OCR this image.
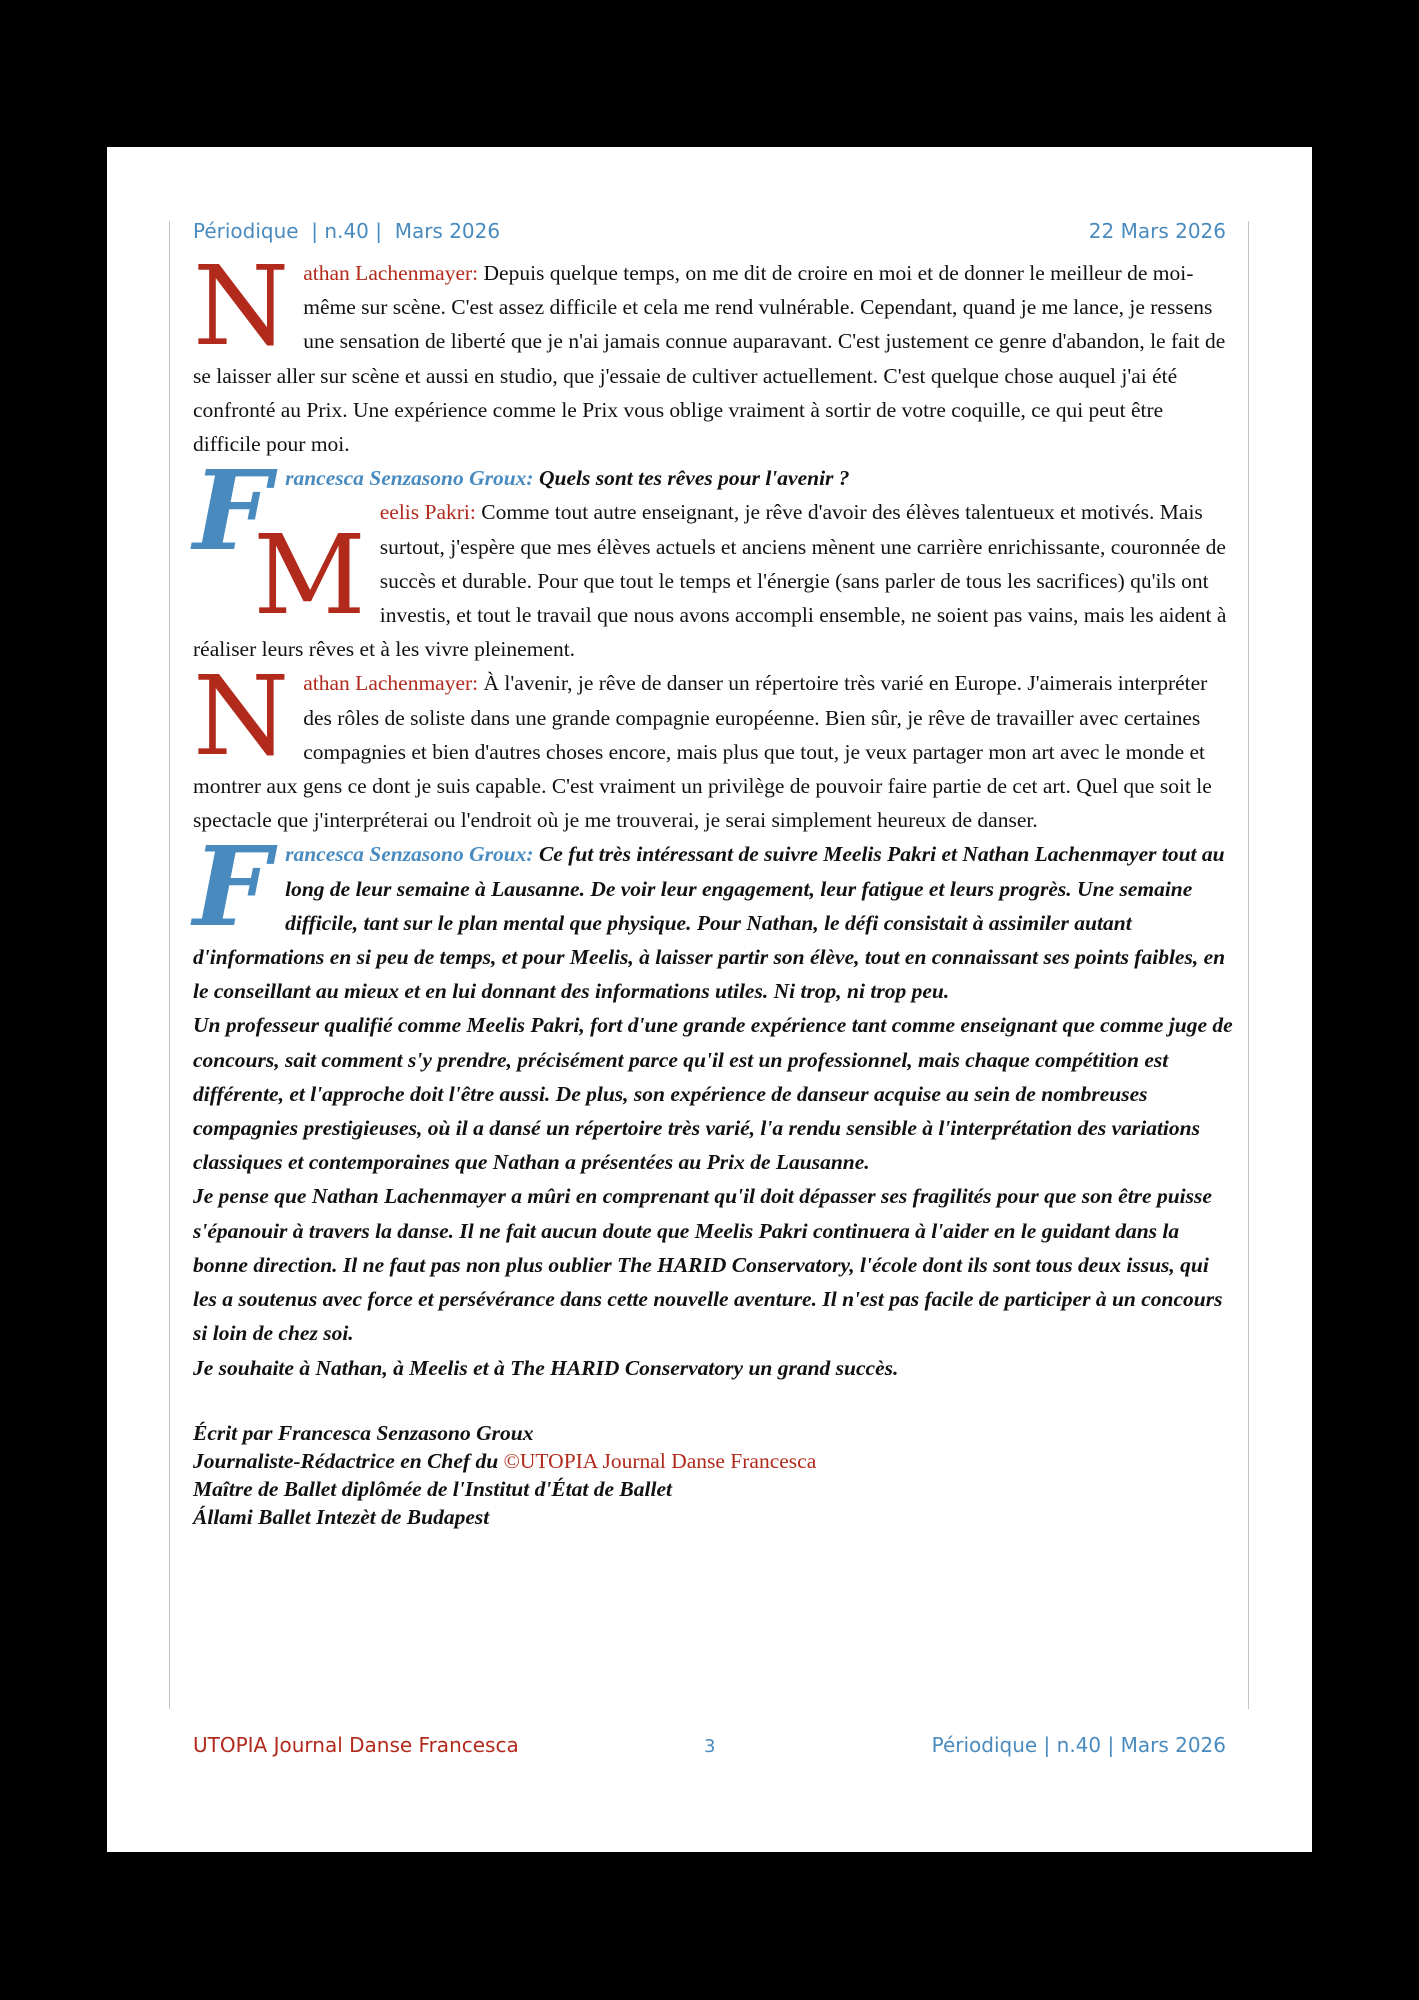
Périodique  | n.40 |  Mars 2026	22 Mars 2026

Nathan Lachenmayer: Depuis quelque temps, on me dit de croire en moi et de donner le meilleur de moi-même sur scène. C'est assez difficile et cela me rend vulnérable. Cependant, quand je me lance, je ressens une sensation de liberté que je n'ai jamais connue auparavant. C'est justement ce genre d'abandon, le fait de se laisser aller sur scène et aussi en studio, que j'essaie de cultiver actuellement. C'est quelque chose auquel j'ai été confronté au Prix. Une expérience comme le Prix vous oblige vraiment à sortir de votre coquille, ce qui peut être difficile pour moi.

Francesca Senzasono Groux: Quels sont tes rêves pour l'avenir ?

Meelis Pakri: Comme tout autre enseignant, je rêve d'avoir des élèves talentueux et motivés. Mais surtout, j'espère que mes élèves actuels et anciens mènent une carrière enrichissante, couronnée de succès et durable. Pour que tout le temps et l'énergie (sans parler de tous les sacrifices) qu'ils ont investis, et tout le travail que nous avons accompli ensemble, ne soient pas vains, mais les aident à réaliser leurs rêves et à les vivre pleinement.

Nathan Lachenmayer: À l'avenir, je rêve de danser un répertoire très varié en Europe. J'aimerais interpréter des rôles de soliste dans une grande compagnie européenne. Bien sûr, je rêve de travailler avec certaines compagnies et bien d'autres choses encore, mais plus que tout, je veux partager mon art avec le monde et montrer aux gens ce dont je suis capable. C'est vraiment un privilège de pouvoir faire partie de cet art. Quel que soit le spectacle que j'interpréterai ou l'endroit où je me trouverai, je serai simplement heureux de danser.

Francesca Senzasono Groux: Ce fut très intéressant de suivre Meelis Pakri et Nathan Lachenmayer tout au long de leur semaine à Lausanne. De voir leur engagement, leur fatigue et leurs progrès. Une semaine difficile, tant sur le plan mental que physique. Pour Nathan, le défi consistait à assimiler autant d'informations en si peu de temps, et pour Meelis, à laisser partir son élève, tout en connaissant ses points faibles, en le conseillant au mieux et en lui donnant des informations utiles. Ni trop, ni trop peu.

Un professeur qualifié comme Meelis Pakri, fort d'une grande expérience tant comme enseignant que comme juge de concours, sait comment s'y prendre, précisément parce qu'il est un professionnel, mais chaque compétition est différente, et l'approche doit l'être aussi. De plus, son expérience de danseur acquise au sein de nombreuses compagnies prestigieuses, où il a dansé un répertoire très varié, l'a rendu sensible à l'interprétation des variations classiques et contemporaines que Nathan a présentées au Prix de Lausanne.

Je pense que Nathan Lachenmayer a mûri en comprenant qu'il doit dépasser ses fragilités pour que son être puisse s'épanouir à travers la danse. Il ne fait aucun doute que Meelis Pakri continuera à l'aider en le guidant dans la bonne direction. Il ne faut pas non plus oublier The HARID Conservatory, l'école dont ils sont tous deux issus, qui les a soutenus avec force et persévérance dans cette nouvelle aventure. Il n'est pas facile de participer à un concours si loin de chez soi.

Je souhaite à Nathan, à Meelis et à The HARID Conservatory un grand succès.

Écrit par Francesca Senzasono Groux
Journaliste-Rédactrice en Chef du ©UTOPIA Journal Danse Francesca
Maître de Ballet diplômée de l'Institut d'État de Ballet
Állami Ballet Intezèt de Budapest

UTOPIA Journal Danse Francesca	3	Périodique | n.40 | Mars 2026
